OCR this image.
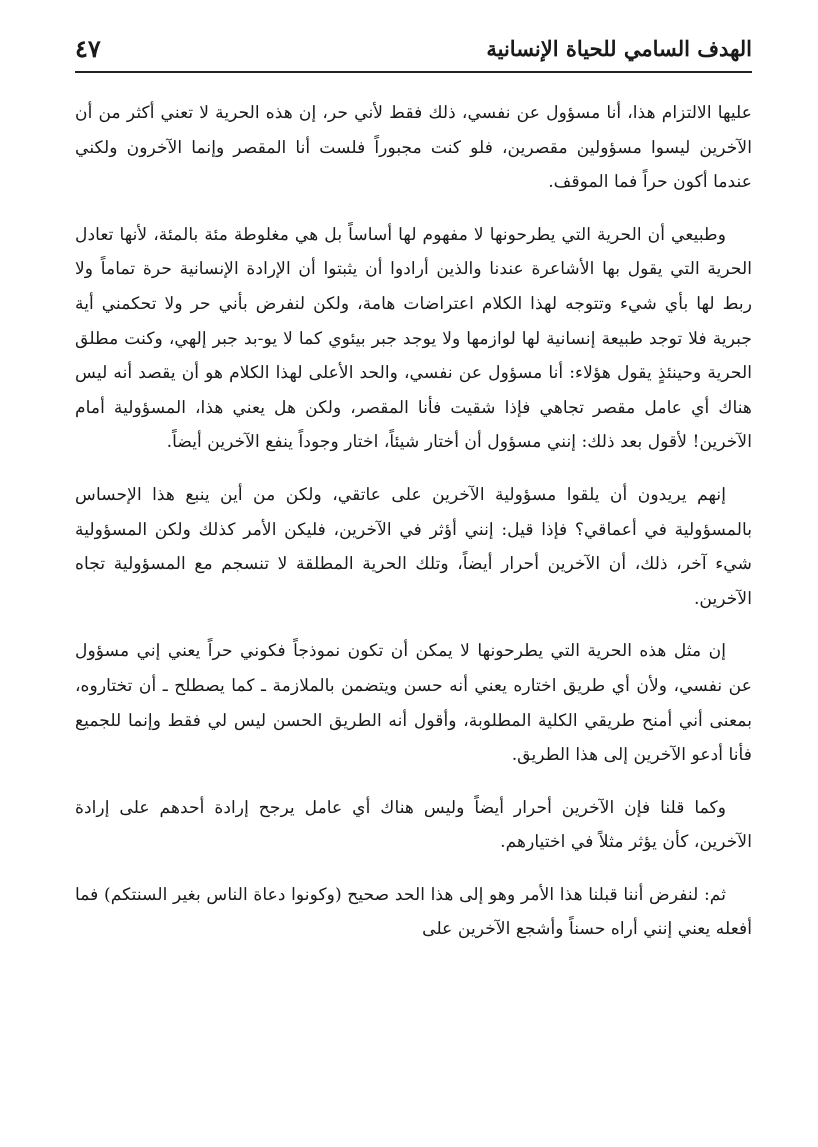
الهدف السامي للحياة الإنسانية
٤٧

عليها الالتزام هذا، أنا مسؤول عن نفسي، ذلك فقط لأني حر، إن هذه الحرية لا تعني أكثر من أن الآخرين ليسوا مسؤولين مقصرين، فلو كنت مجبوراً فلست أنا المقصر وإنما الآخرون ولكني عندما أكون حراً فما الموقف.

وطبيعي أن الحرية التي يطرحونها لا مفهوم لها أساساً بل هي مغلوطة مئة بالمئة، لأنها تعادل الحرية التي يقول بها الأشاعرة عندنا والذين أرادوا أن يثبتوا أن الإرادة الإنسانية حرة تماماً ولا ربط لها بأي شيء وتتوجه لهذا الكلام اعتراضات هامة، ولكن لنفرض بأني حر ولا تحكمني أية جبرية فلا توجد طبيعة إنسانية لها لوازمها ولا يوجد جبر بيئوي كما لا يو-بد جبر إلهي، وكنت مطلق الحرية وحينئذٍ يقول هؤلاء: أنا مسؤول عن نفسي، والحد الأعلى لهذا الكلام هو أن يقصد أنه ليس هناك أي عامل مقصر تجاهي فإذا شقيت فأنا المقصر، ولكن هل يعني هذا، المسؤولية أمام الآخرين! لأقول بعد ذلك: إنني مسؤول أن أختار شيئاً، اختار وجوداً ينفع الآخرين أيضاً.

إنهم يريدون أن يلقوا مسؤولية الآخرين على عاتقي، ولكن من أين ينبع هذا الإحساس بالمسؤولية في أعماقي؟ فإذا قيل: إنني أؤثر في الآخرين، فليكن الأمر كذلك ولكن المسؤولية شيء آخر، ذلك، أن الآخرين أحرار أيضاً، وتلك الحرية المطلقة لا تنسجم مع المسؤولية تجاه الآخرين.

إن مثل هذه الحرية التي يطرحونها لا يمكن أن تكون نموذجاً فكوني حراً يعني إني مسؤول عن نفسي، ولأن أي طريق اختاره يعني أنه حسن ويتضمن بالملازمة ـ كما يصطلح ـ أن تختاروه، بمعنى أني أمنح طريقي الكلية المطلوبة، وأقول أنه الطريق الحسن ليس لي فقط وإنما للجميع فأنا أدعو الآخرين إلى هذا الطريق.

وكما قلنا فإن الآخرين أحرار أيضاً وليس هناك أي عامل يرجح إرادة أحدهم على إرادة الآخرين، كأن يؤثر مثلاً في اختيارهم.

ثم: لنفرض أننا قبلنا هذا الأمر وهو إلى هذا الحد صحيح (وكونوا دعاة الناس بغير السنتكم) فما أفعله يعني إنني أراه حسناً وأشجع الآخرين على
